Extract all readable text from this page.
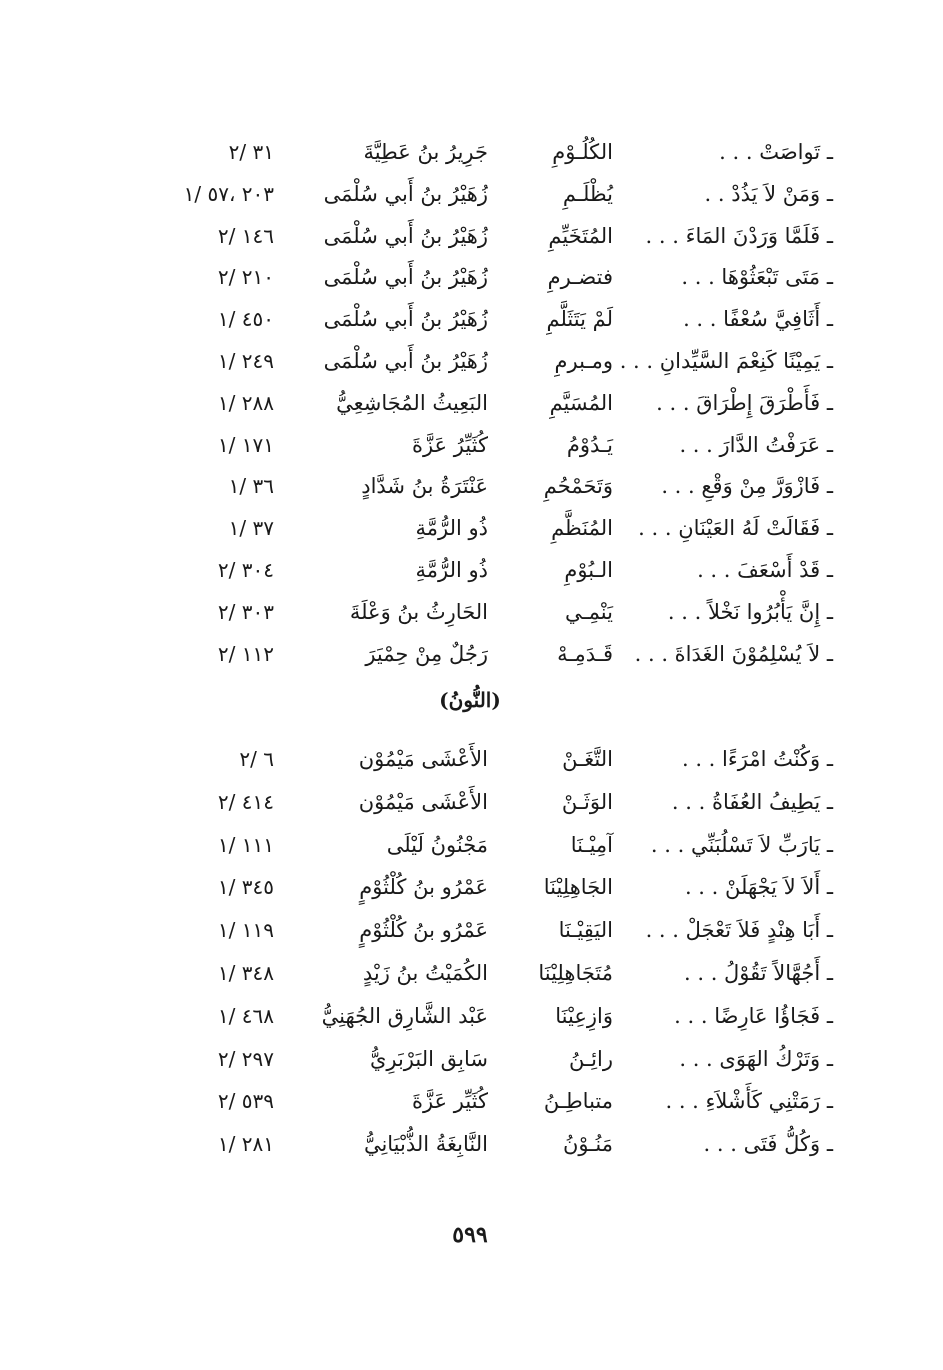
ـ تَواصَتْ . . .
الكُلُـوْمِ
جَرِيرُ بنُ عَطِيَّةَ
٣١ /٢
ـ وَمَنْ لاَ يَذُدْ . .
يُظْلَـمِ
زُهَيْرُ بنُ أَبي سُلْمَى
٢٠٣ ،٥٧ /١
ـ فَلَمَّا وَرَدْنَ المَاءَ . . .
المُتَخَيِّمِ
زُهَيْرُ بنُ أَبي سُلْمَى
١٤٦ /٢
ـ مَتَى تَبْعَثُوْهَا . . .
فتضـرمِ
زُهَيْرُ بنُ أَبي سُلْمَى
٢١٠ /٢
ـ أَثَافِيَّ سُعْفًا . . .
لَمْ يَتَثَلَّمِ
زُهَيْرُ بنُ أَبي سُلْمَى
٤٥٠ /١
ـ يَمِيْنًا كَنِعْمَ السَّيِّدانِ . . .
ومـبرمِ
زُهَيْرُ بنُ أَبي سُلْمَى
٢٤٩ /١
ـ فَأَطْرَقَ إِطْرَاقَ . . .
المُسَيَّمِ
البَعِيثُ المُجَاشِعِيُّ
٢٨٨ /١
ـ عَرَفْتُ الدَّارَ . . .
يَـدُوْمُ
كُثَيِّرُ عَزَّةَ
١٧١ /١
ـ فَازْوَرَّ مِنْ وَقْعِ . . .
وَتَحَمْحُمِ
عَنْتَرَةُ بنُ شَدَّادٍ
٣٦ /١
ـ فَقَالَتْ لَهُ العَيْنَانِ . . .
المُنَظَّمِ
ذُو الرُّمَّةِ
٣٧ /١
ـ قَدْ أَسْعَفَ . . .
الـبُوْمِ
ذُو الرُّمَّةِ
٣٠٤ /٢
ـ إِنَّ يَأْبُرُوا نَخْلاً . . .
يَنْمِـي
الحَارِثُ بنُ وَعْلَةَ
٣٠٣ /٢
ـ لاَ يُسْلِمُوْنَ الغَدَاةَ . . .
قَـدَمِـهْ
رَجُلٌ مِنْ حِمْيَرَ
١١٢ /٢
(النُّونُ)
ـ وَكُنْتُ امْرَءًا . . .
التَّغَـنْ
الأَعْشَى مَيْمُوْن
٦ /٢
ـ يَطِيفُ العُفَاةُ . . .
الوَثَـنْ
الأَعْشَى مَيْمُوْن
٤١٤ /٢
ـ يَارَبِّ لاَ تَسْلُبَنِّي . . .
آمِيْـنَا
مَجْنُونُ لَيْلَى
١١١ /١
ـ أَلاَ لاَ يَجْهَلَنْ . . .
الجَاهِلِيْنَا
عَمْرُو بنُ كُلْثُوْمٍ
٣٤٥ /١
ـ أَبَا هِنْدٍ فَلاَ تَعْجَلْ . . .
اليَقِيْـنَا
عَمْرُو بنُ كُلْثُوْمٍ
١١٩ /١
ـ أَجُهَّالاً تَقُوْلُ . . .
مُتَجَاهِلِيْنَا
الكُمَيْتُ بنُ زَيْدٍ
٣٤٨ /١
ـ فَجَاؤُا عَارِضًا . . .
وَازِعِيْنَا
عَبْد الشَّارِق الجُهَنِيُّ
٤٦٨ /١
ـ وَتَرْكُ الهَوَى . . .
رائِـنُ
سَابِق البَرْبَرِيُّ
٢٩٧ /٢
ـ رَمَتْنِي كَأَشْلاَءِ . . .
متباطِـنُ
كُثَيِّر عَزَّةَ
٥٣٩ /٢
ـ وَكُلُّ فَتَى . . .
مَنُـوْنُ
النَّابِغَةُ الذُّبْيَانِيُّ
٢٨١ /١
٥٩٩
